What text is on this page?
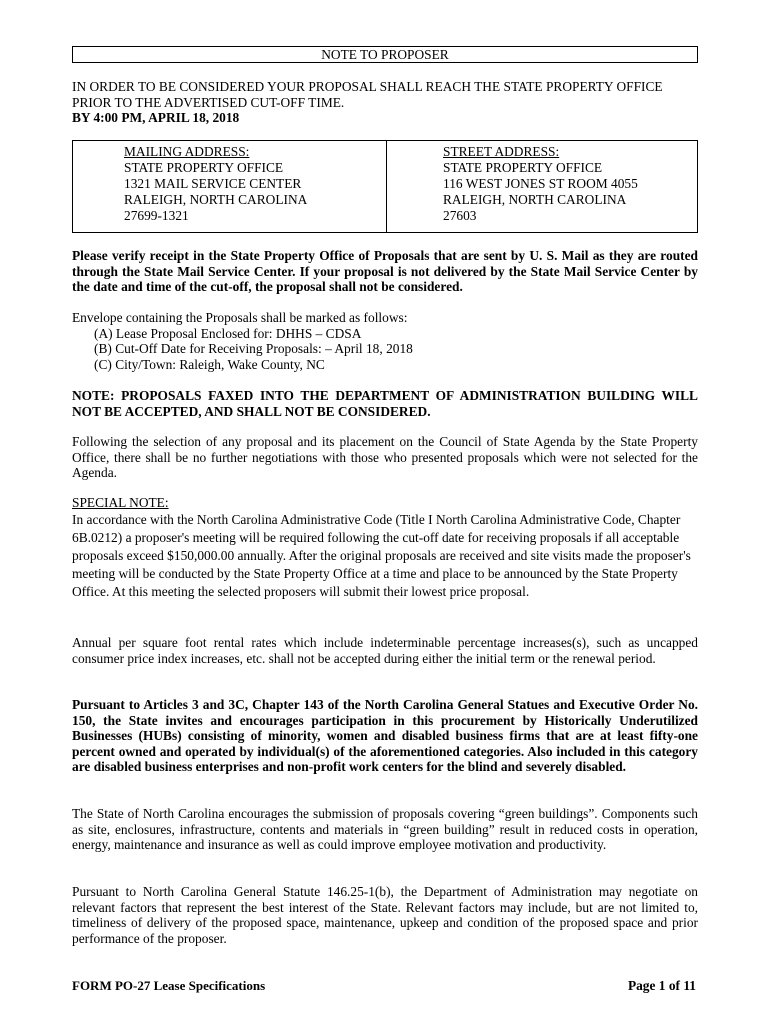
NOTE TO PROPOSER
IN ORDER TO BE CONSIDERED YOUR PROPOSAL SHALL REACH THE STATE PROPERTY OFFICE PRIOR TO THE ADVERTISED CUT-OFF TIME.
BY 4:00 PM, APRIL 18, 2018
MAILING ADDRESS:
STATE PROPERTY OFFICE
1321 MAIL SERVICE CENTER
RALEIGH, NORTH CAROLINA
27699-1321
STREET ADDRESS:
STATE PROPERTY OFFICE
116 WEST JONES ST ROOM 4055
RALEIGH, NORTH CAROLINA
27603
Please verify receipt in the State Property Office of Proposals that are sent by U. S. Mail as they are routed through the State Mail Service Center. If your proposal is not delivered by the State Mail Service Center by the date and time of the cut-off, the proposal shall not be considered.
Envelope containing the Proposals shall be marked as follows:
(A) Lease Proposal Enclosed for: DHHS – CDSA
(B) Cut-Off Date for Receiving Proposals: – April 18, 2018
(C) City/Town: Raleigh, Wake County, NC
NOTE: PROPOSALS FAXED INTO THE DEPARTMENT OF ADMINISTRATION BUILDING WILL NOT BE ACCEPTED, AND SHALL NOT BE CONSIDERED.
Following the selection of any proposal and its placement on the Council of State Agenda by the State Property Office, there shall be no further negotiations with those who presented proposals which were not selected for the Agenda.
SPECIAL NOTE:
In accordance with the North Carolina Administrative Code (Title I North Carolina Administrative Code, Chapter 6B.0212) a proposer's meeting will be required following the cut-off date for receiving proposals if all acceptable proposals exceed $150,000.00 annually. After the original proposals are received and site visits made the proposer's meeting will be conducted by the State Property Office at a time and place to be announced by the State Property Office. At this meeting the selected proposers will submit their lowest price proposal.
Annual per square foot rental rates which include indeterminable percentage increases(s), such as uncapped consumer price index increases, etc. shall not be accepted during either the initial term or the renewal period.
Pursuant to Articles 3 and 3C, Chapter 143 of the North Carolina General Statues and Executive Order No. 150, the State invites and encourages participation in this procurement by Historically Underutilized Businesses (HUBs) consisting of minority, women and disabled business firms that are at least fifty-one percent owned and operated by individual(s) of the aforementioned categories. Also included in this category are disabled business enterprises and non-profit work centers for the blind and severely disabled.
The State of North Carolina encourages the submission of proposals covering “green buildings”. Components such as site, enclosures, infrastructure, contents and materials in “green building” result in reduced costs in operation, energy, maintenance and insurance as well as could improve employee motivation and productivity.
Pursuant to North Carolina General Statute 146.25-1(b), the Department of Administration may negotiate on relevant factors that represent the best interest of the State. Relevant factors may include, but are not limited to, timeliness of delivery of the proposed space, maintenance, upkeep and condition of the proposed space and prior performance of the proposer.
FORM PO-27 Lease Specifications	Page 1 of 11
